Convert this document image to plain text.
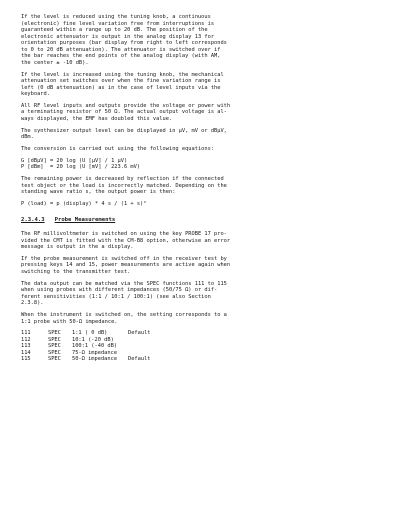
If the level is reduced using the tuning knob, a continuous
(electronic) fine level variation free from interruptions is
guaranteed within a range up to 20 dB. The position of the
electronic attenuator is output in the analog display 13 for
orientation purposes (bar display from right to left corresponds
to 0 to 20 dB attenuation). The attenuator is switched over if
the bar reaches the end points of the analog display (with AM,
the center ± -10 dB).
If the level is increased using the tuning knob, the mechanical
attenuation set switches over when the fine variation range is
left (0 dB attenuation) as in the case of level inputs via the
keyboard.
All RF level inputs and outputs provide the voltage or power with
a terminating resistor of 50 Ω. The actual output voltage is al-
ways displayed, the EMF has doubled this value.
The synthesizer output level can be displayed in µV, mV or dBµV,
dBm.
The conversion is carried out using the following equations:
G [dBµV] = 20 log (U [µV] / 1 µV)
P [dBm]  = 20 log (U [mV] / 223.6 mV)
The remaining power is decreased by reflection if the connected
test object or the load is incorrectly matched. Depending on the
standing wave ratio s, the output power is then:
P (load) = p (display) * 4 s / (1 + s)²
2.3.4.3 Probe Measurements
The RF millivoltmeter is switched on using the key PROBE 17 pro-
vided the CMT is fitted with the CM-B8 option, otherwise an error
message is output in the a display.
If the probe measurement is switched off in the receiver test by
pressing keys 14 and 15, power measurements are active again when
switching to the transmitter test.
The data output can be matched via the SPEC functions 111 to 115
when using probes with different impedances (50/75 Ω) or dif-
ferent sensitivities (1:1 / 10:1 / 100:1) (see also Section
2.3.8).
When the instrument is switched on, the setting corresponds to a
1:1 probe with 50-Ω impedance.
111	SPEC	1:1 ( 0 dB)	Default
112	SPEC	10:1 (-20 dB)
113	SPEC	100:1 (-40 dB)
114	SPEC	75-Ω impedance
115	SPEC	50-Ω impedance	Default
